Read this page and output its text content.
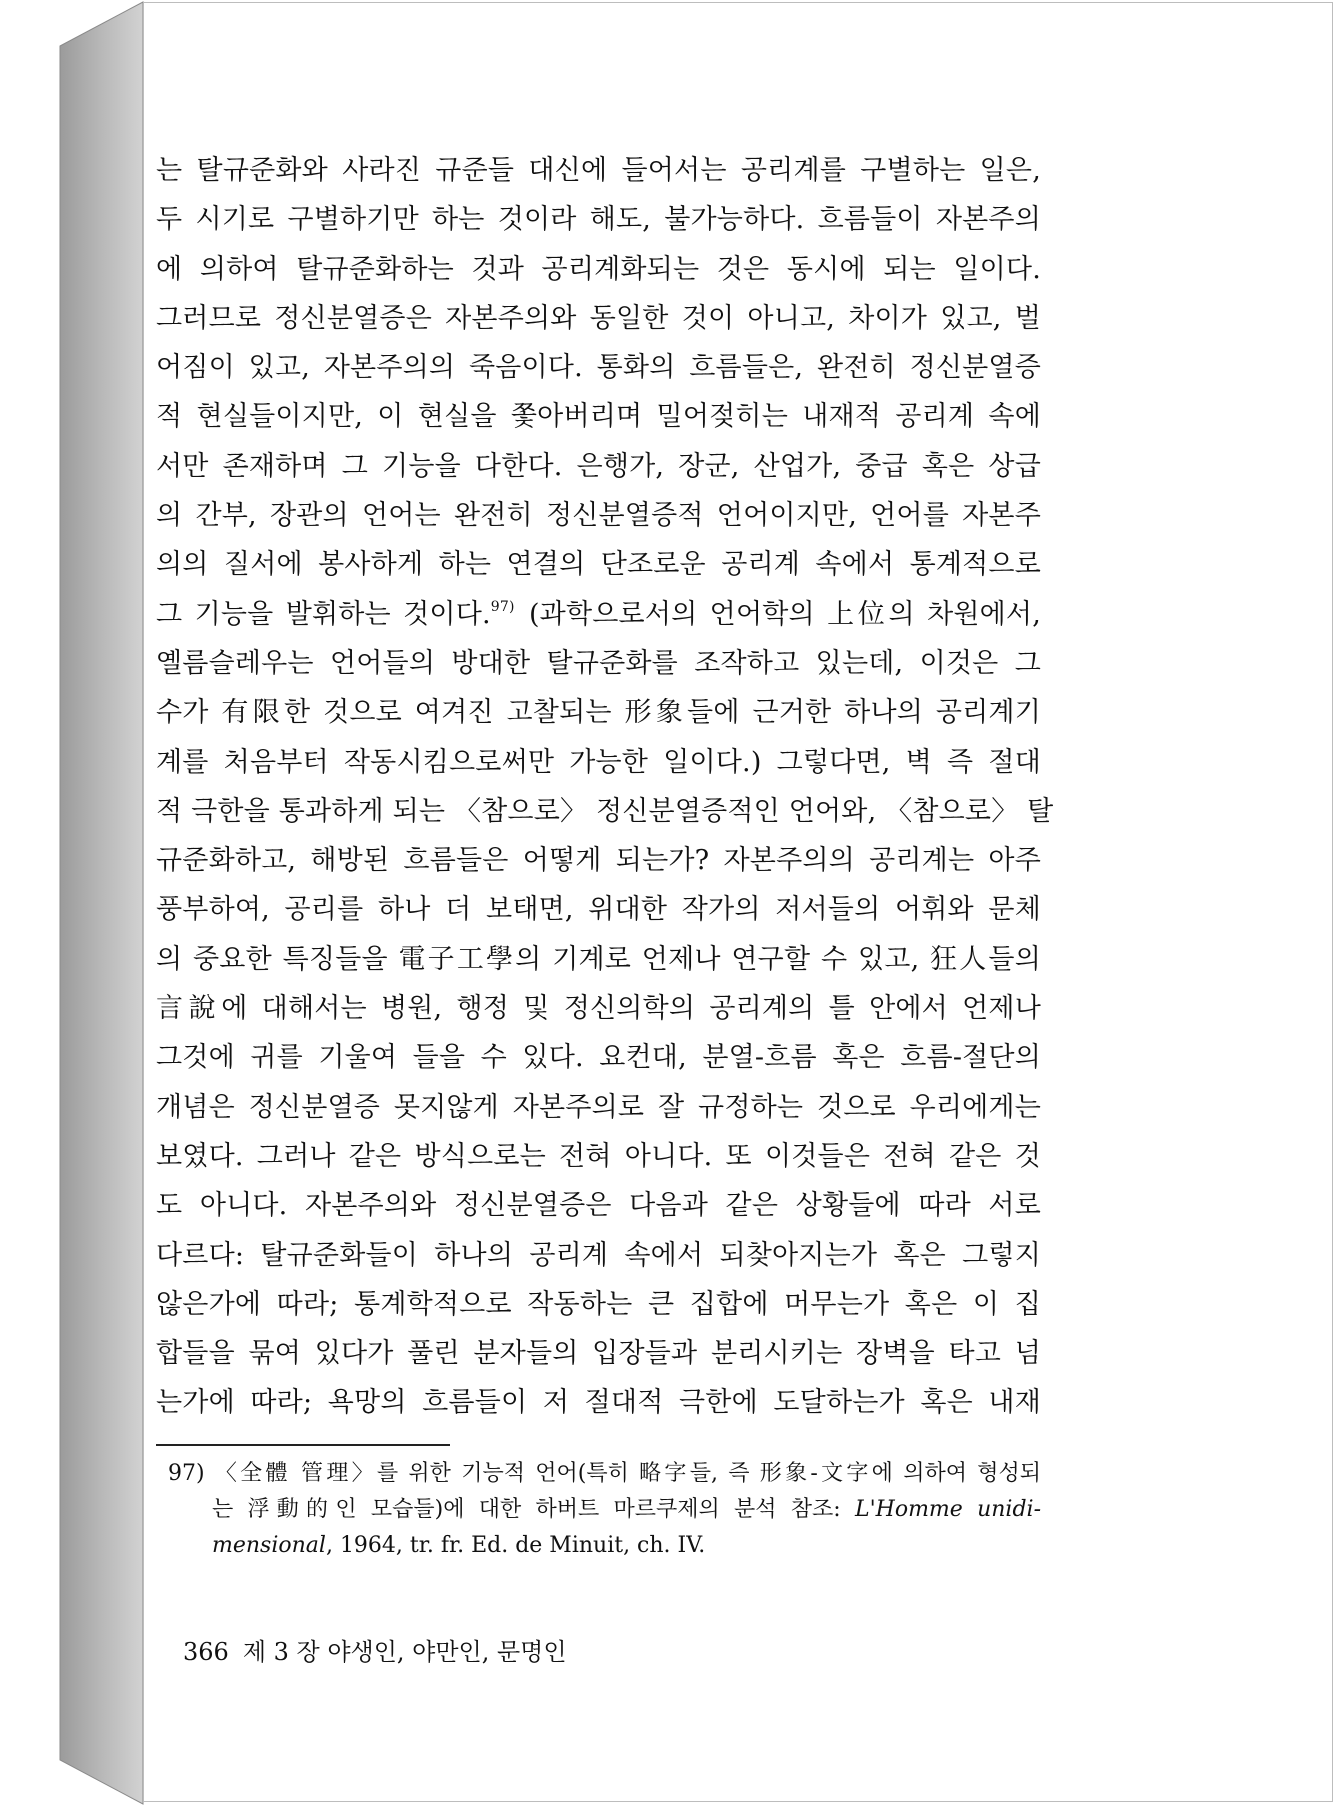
는 탈규준화와 사라진 규준들 대신에 들어서는 공리계를 구별하는 일은,
두 시기로 구별하기만 하는 것이라 해도, 불가능하다. 흐름들이 자본주의
에 의하여 탈규준화하는 것과 공리계화되는 것은 동시에 되는 일이다.
그러므로 정신분열증은 자본주의와 동일한 것이 아니고, 차이가 있고, 벌
어짐이 있고, 자본주의의 죽음이다. 통화의 흐름들은, 완전히 정신분열증
적 현실들이지만, 이 현실을 쫓아버리며 밀어젖히는 내재적 공리계 속에
서만 존재하며 그 기능을 다한다. 은행가, 장군, 산업가, 중급 혹은 상급
의 간부, 장관의 언어는 완전히 정신분열증적 언어이지만, 언어를 자본주
의의 질서에 봉사하게 하는 연결의 단조로운 공리계 속에서 통계적으로
그 기능을 발휘하는 것이다.$^{97)}$ (과학으로서의 언어학의 上位의 차원에서,
옐름슬레우는 언어들의 방대한 탈규준화를 조작하고 있는데, 이것은 그
수가 有限한 것으로 여겨진 고찰되는 形象들에 근거한 하나의 공리계기
계를 처음부터 작동시킴으로써만 가능한 일이다.) 그렇다면, 벽 즉 절대
적 극한을 통과하게 되는 〈참으로〉 정신분열증적인 언어와, 〈참으로〉 탈
규준화하고, 해방된 흐름들은 어떻게 되는가? 자본주의의 공리계는 아주
풍부하여, 공리를 하나 더 보태면, 위대한 작가의 저서들의 어휘와 문체
의 중요한 특징들을 電子工學의 기계로 언제나 연구할 수 있고, 狂人들의
言說에 대해서는 병원, 행정 및 정신의학의 공리계의 틀 안에서 언제나
그것에 귀를 기울여 들을 수 있다. 요컨대, 분열-흐름 혹은 흐름-절단의
개념은 정신분열증 못지않게 자본주의로 잘 규정하는 것으로 우리에게는
보였다. 그러나 같은 방식으로는 전혀 아니다. 또 이것들은 전혀 같은 것
도 아니다. 자본주의와 정신분열증은 다음과 같은 상황들에 따라 서로
다르다: 탈규준화들이 하나의 공리계 속에서 되찾아지는가 혹은 그렇지
않은가에 따라; 통계학적으로 작동하는 큰 집합에 머무는가 혹은 이 집
합들을 묶여 있다가 풀린 분자들의 입장들과 분리시키는 장벽을 타고 넘
는가에 따라; 욕망의 흐름들이 저 절대적 극한에 도달하는가 혹은 내재
97) 〈全體 管理〉를 위한 기능적 언어(특히 略字들, 즉 形象-文字에 의하여 형성되
는 浮動的인 모습들)에 대한 하버트 마르쿠제의 분석 참조: L'Homme unidi-
mensional, 1964, tr. fr. Ed. de Minuit, ch. IV.
366 제 3 장 야생인, 야만인, 문명인
